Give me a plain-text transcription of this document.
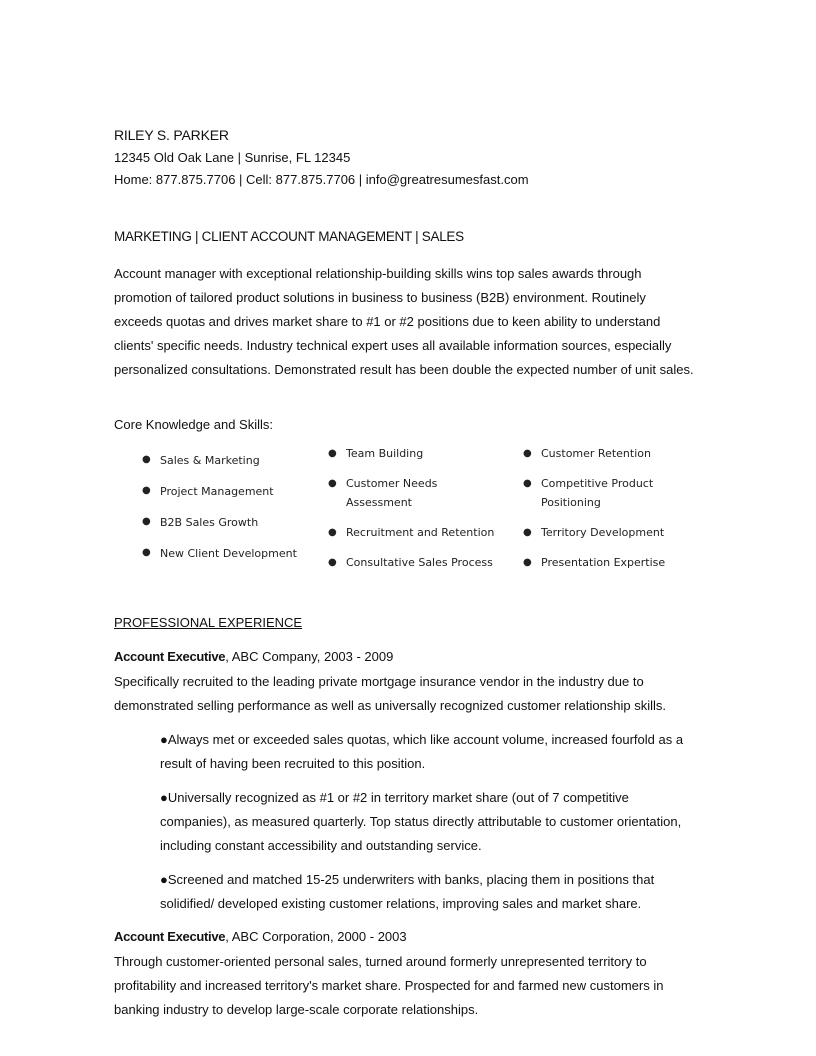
RILEY S. PARKER
12345 Old Oak Lane | Sunrise, FL 12345
Home: 877.875.7706 | Cell: 877.875.7706 | info@greatresumesfast.com
MARKETING | CLIENT ACCOUNT MANAGEMENT | SALES
Account manager with exceptional relationship-building skills wins top sales awards through promotion of tailored product solutions in business to business (B2B) environment. Routinely exceeds quotas and drives market share to #1 or #2 positions due to keen ability to understand clients' specific needs. Industry technical expert uses all available information sources, especially personalized consultations. Demonstrated result has been double the expected number of unit sales.
Core Knowledge and Skills:
● Sales & Marketing
● Project Management
● B2B Sales Growth
● New Client Development
● Team Building
● Customer Needs Assessment
● Recruitment and Retention
● Consultative Sales Process
● Customer Retention
● Competitive Product Positioning
● Territory Development
● Presentation Expertise
PROFESSIONAL EXPERIENCE
Account Executive, ABC Company, 2003 - 2009
Specifically recruited to the leading private mortgage insurance vendor in the industry due to demonstrated selling performance as well as universally recognized customer relationship skills.
●Always met or exceeded sales quotas, which like account volume, increased fourfold as a result of having been recruited to this position.
●Universally recognized as #1 or #2 in territory market share (out of 7 competitive companies), as measured quarterly. Top status directly attributable to customer orientation, including constant accessibility and outstanding service.
●Screened and matched 15-25 underwriters with banks, placing them in positions that solidified/ developed existing customer relations, improving sales and market share.
Account Executive, ABC Corporation, 2000 - 2003
Through customer-oriented personal sales, turned around formerly unrepresented territory to profitability and increased territory's market share. Prospected for and farmed new customers in banking industry to develop large-scale corporate relationships.
